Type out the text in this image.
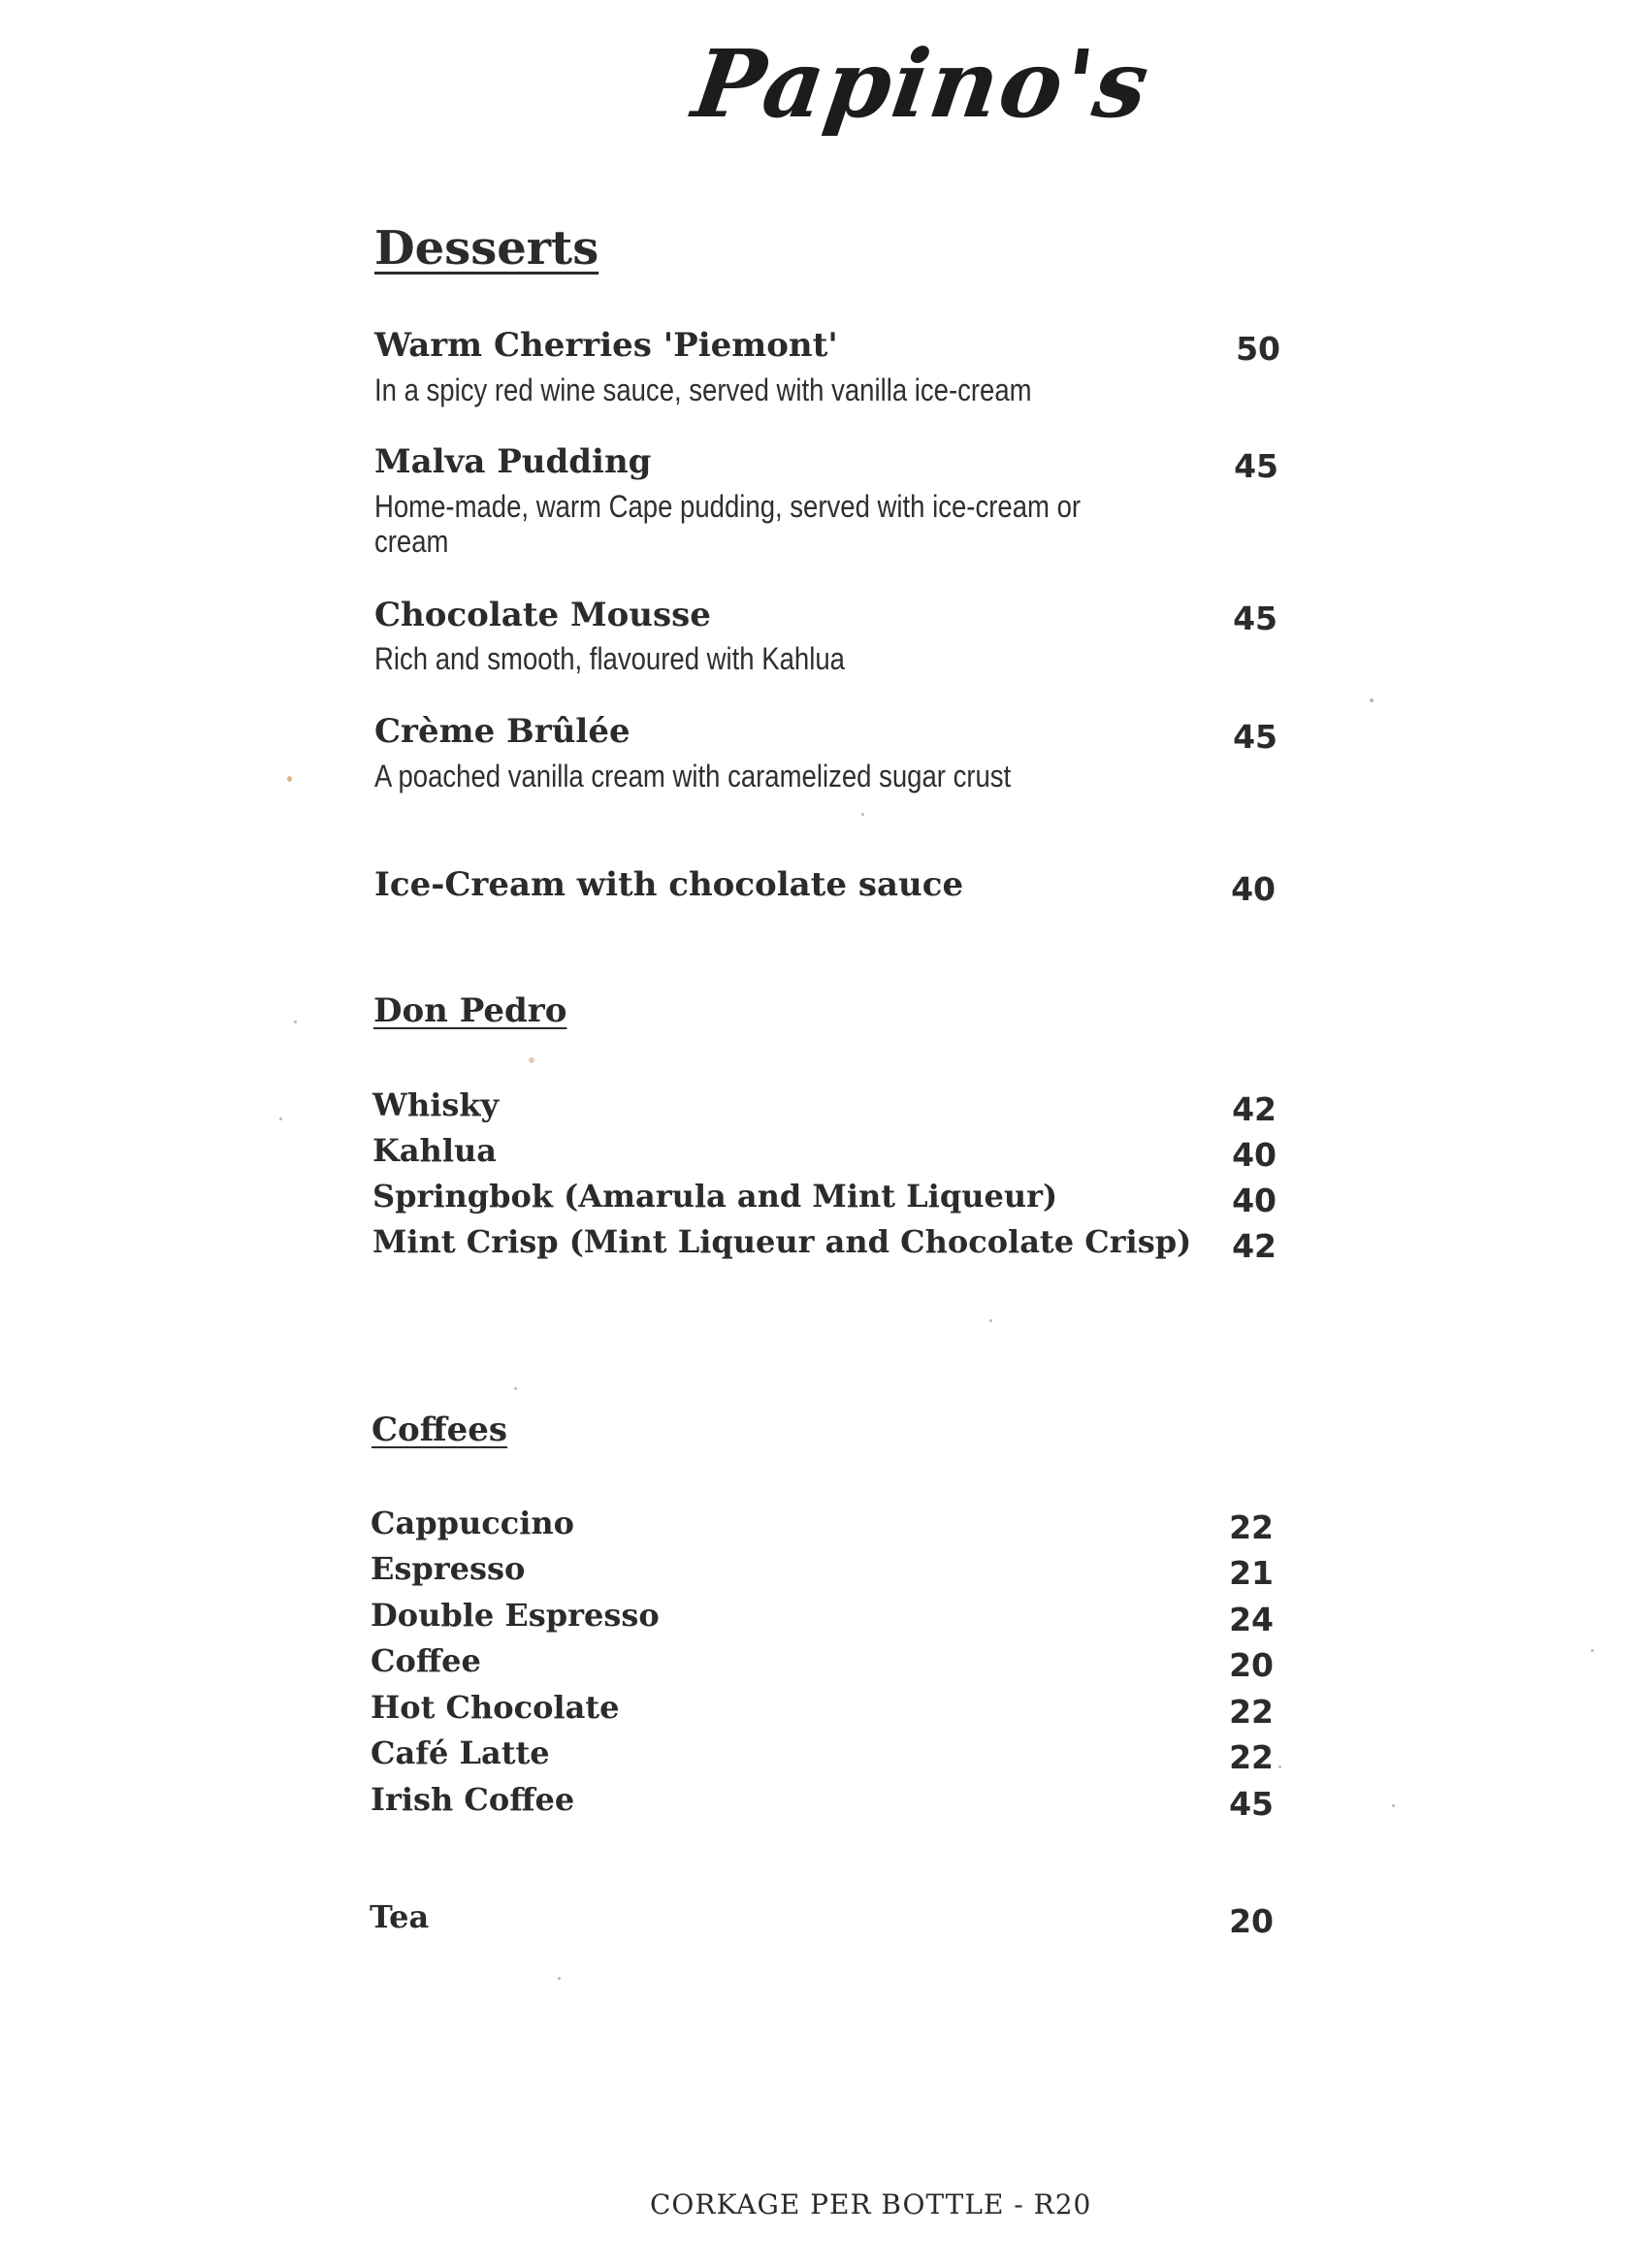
Papino's
Desserts
Warm Cherries 'Piemont'	50
In a spicy red wine sauce, served with vanilla ice-cream
Malva Pudding	45
Home-made, warm Cape pudding, served with ice-cream or cream
Chocolate Mousse	45
Rich and smooth, flavoured with Kahlua
Crème Brûlée	45
A poached vanilla cream with caramelized sugar crust
Ice-Cream with chocolate sauce	40
Don Pedro
Whisky	42
Kahlua	40
Springbok (Amarula and Mint Liqueur)	40
Mint Crisp (Mint Liqueur and Chocolate Crisp)	42
Coffees
Cappuccino	22
Espresso	21
Double Espresso	24
Coffee	20
Hot Chocolate	22
Café Latte	22
Irish Coffee	45
Tea	20
CORKAGE PER BOTTLE - R20
